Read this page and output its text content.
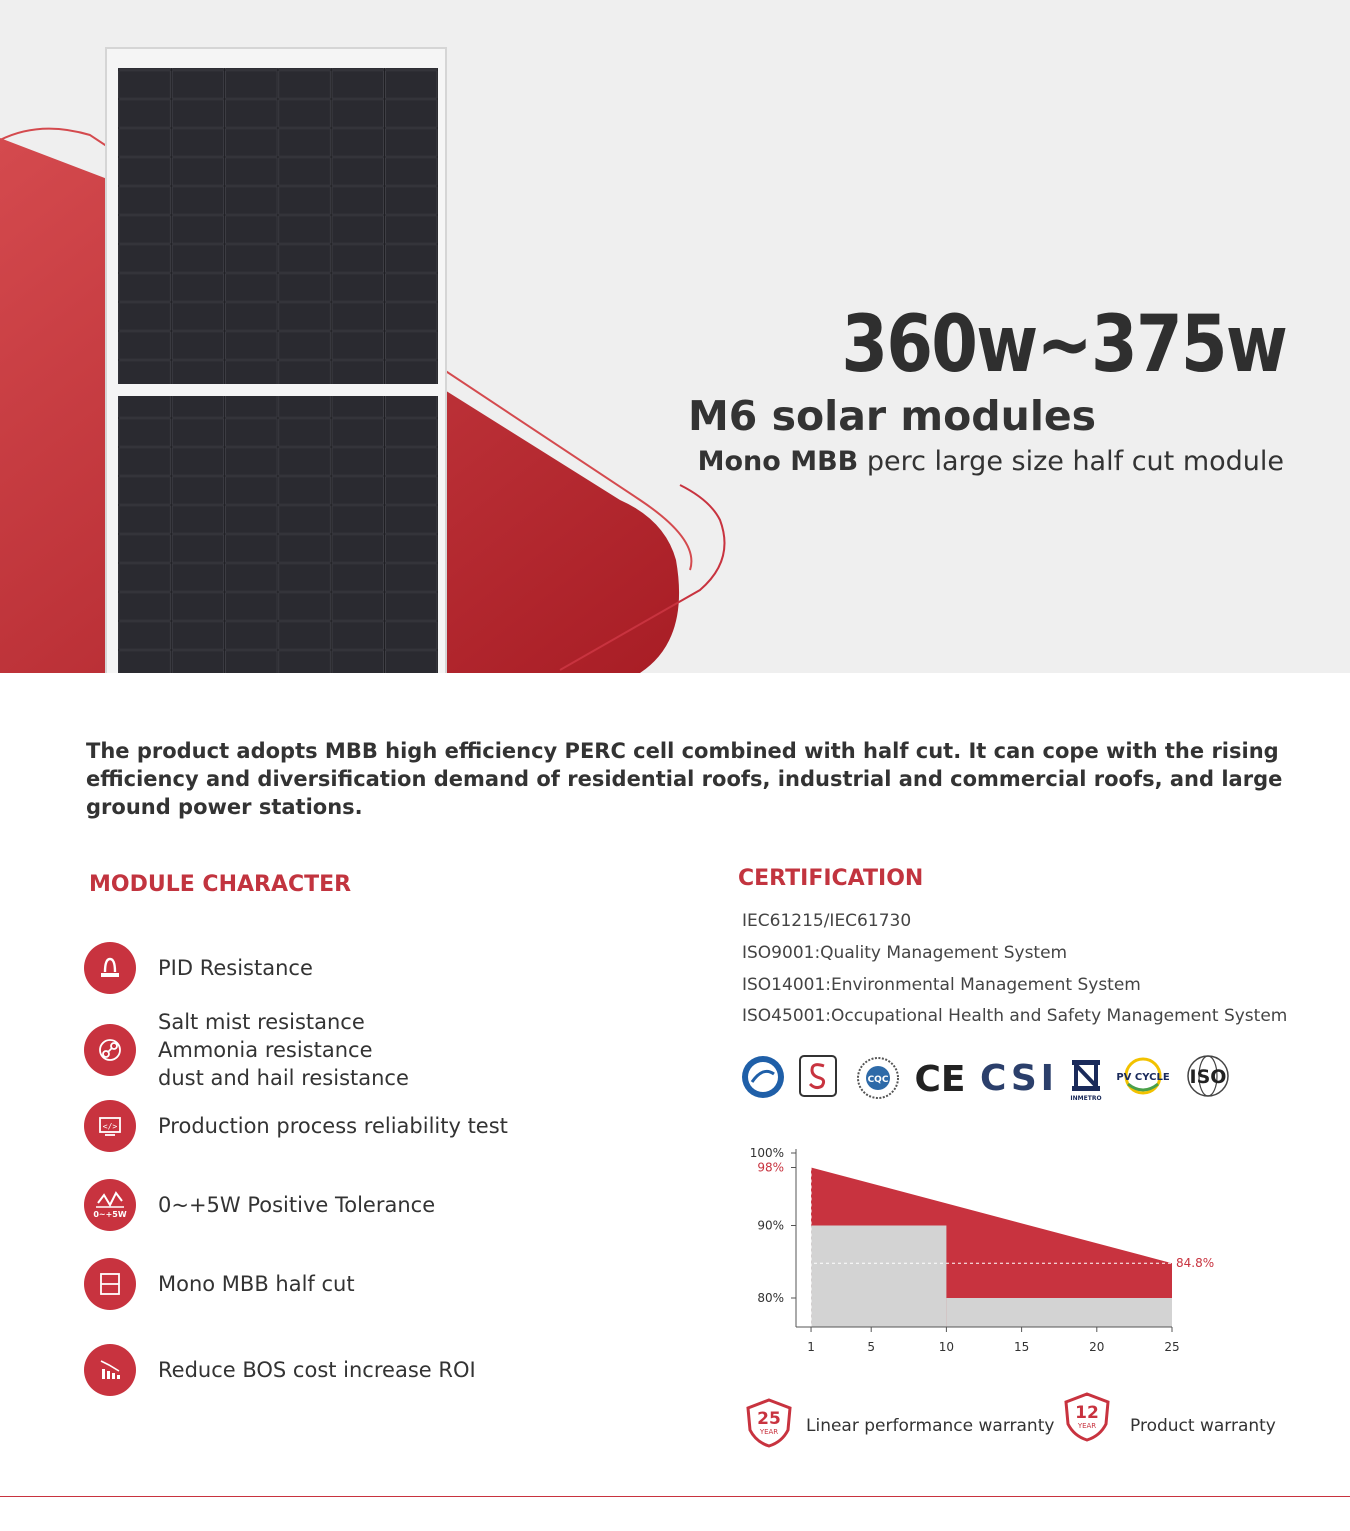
360w~375w
M6 solar modules
Mono MBB perc large size half cut module
The product adopts MBB high efficiency PERC cell combined with half cut. It can cope with the rising efficiency and diversification demand of residential roofs, industrial and commercial roofs, and large ground power stations.
MODULE CHARACTER
PID Resistance
Salt mist resistance
Ammonia resistance
dust and hail resistance
</> Production process reliability test
0~+5W 0~+5W Positive Tolerance
Mono MBB half cut
Reduce BOS cost increase ROI
CERTIFICATION
IEC61215/IEC61730
ISO9001:Quality Management System
ISO14001:Environmental Management System
ISO45001:Occupational Health and Safety Management System
CQC CE CSI	INMETRO
PV CYCLE ISO
80%
90%
100%
98%
84.8%
1	5	10	15	20	25
25
YEAR Linear performance warranty
12
YEAR Product warranty
